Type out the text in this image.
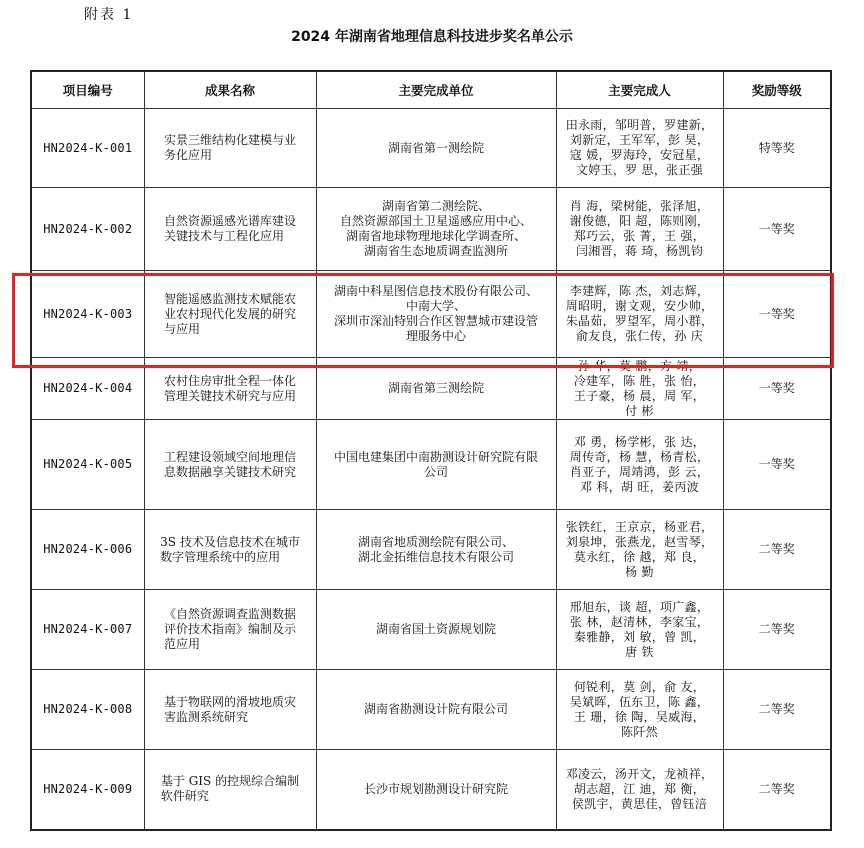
附表 1
2024 年湖南省地理信息科技进步奖名单公示
项目编号	成果名称	主要完成单位	主要完成人	奖励等级
HN2024-K-001	实景三维结构化建模与业
务化应用	湖南省第一测绘院	田永雨，邹明普，罗建新，
刘新定，王军军，彭 昊，
寇 媛，罗海玲，安冠星，
文婷玉，罗 思，张正强	特等奖
HN2024-K-002	自然资源遥感光谱库建设
关键技术与工程化应用	湖南省第二测绘院、
自然资源部国土卫星遥感应用中心、
湖南省地球物理地球化学调查所、
湖南省生态地质调查监测所	肖 海，梁树能，张泽旭，
谢俊德，阳 超，陈则刚，
郑巧云，张 菁，王 强，
闫湘晋，蒋 琦，杨凯钧	一等奖
HN2024-K-003	智能遥感监测技术赋能农
业农村现代化发展的研究
与应用	湖南中科星图信息技术股份有限公司、
中南大学、
深圳市深汕特别合作区智慧城市建设管
理服务中心	李建辉，陈 杰，刘志辉，
周昭明，谢文观，安少帅，
朱晶茹，罗望军，周小群，
俞友良，张仁传，孙 庆	一等奖
HN2024-K-004	农村住房审批全程一体化
管理关键技术研究与应用	湖南省第三测绘院	孙 华，莫 鹏，方 靖，
冷建军，陈 胜，张 怡，
王子豪，杨 晨，周 军，
付 彬	一等奖
HN2024-K-005	工程建设领域空间地理信
息数据融享关键技术研究	中国电建集团中南勘测设计研究院有限
公司	邓 勇，杨学彬，张 达，
周传奇，杨 慧，杨青松，
肖亚子，周靖鸿，彭 云，
邓 科，胡 旺，姜丙波	一等奖
HN2024-K-006	3S 技术及信息技术在城市
数字管理系统中的应用	湖南省地质测绘院有限公司、
湖北金拓维信息技术有限公司	张铁红，王京京，杨亚君，
刘泉坤，张燕龙，赵雪琴，
莫永红，徐 越，郑 良，
杨 勤	二等奖
HN2024-K-007	《自然资源调查监测数据
评价技术指南》编制及示
范应用	湖南省国土资源规划院	邢旭东，谈 超，项广鑫，
张 林，赵清林，李家宝，
秦雅静，刘 敏，曾 凯，
唐 铁	二等奖
HN2024-K-008	基于物联网的滑坡地质灾
害监测系统研究	湖南省勘测设计院有限公司	何锐利，莫 剑，俞 友，
吴斌晖，伍东卫，陈 鑫，
王 珊，徐 陶，吴威海，
陈阡然	二等奖
HN2024-K-009	基于 GIS 的控规综合编制
软件研究	长沙市规划勘测设计研究院	邓凌云，汤开文，龙祯祥，
胡志超，江 迪，郑 衡，
侯凯宇，黄思佳，曾钰涪	二等奖
